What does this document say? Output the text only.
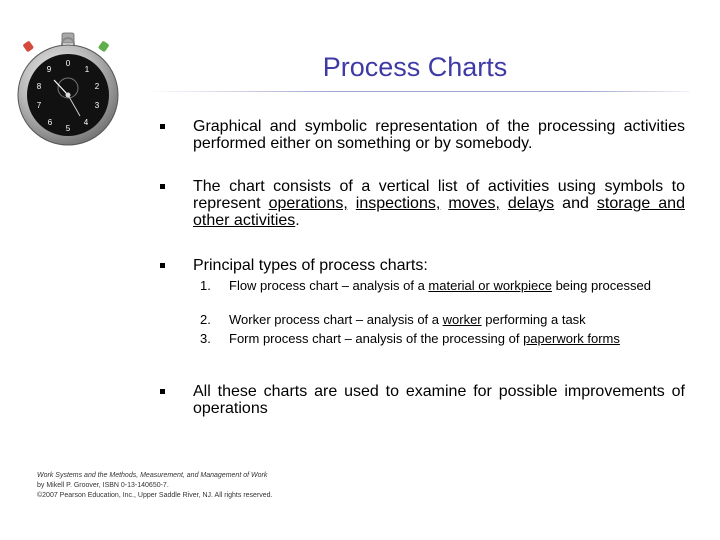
0
1
2
3
4
5
6
7
8
9	Process Charts
Graphical and symbolic representation of the processing activities performed either on something or by somebody.
The chart consists of a vertical list of activities using symbols to represent operations, inspections, moves, delays and storage and other activities.
Principal types of process charts:
1. Flow process chart – analysis of a material or workpiece being processed
2. Worker process chart – analysis of a worker performing a task
3. Form process chart – analysis of the processing of paperwork forms
All these charts are used to examine for possible improvements of operations
Work Systems and the Methods, Measurement, and Management of Work
by Mikell P. Groover, ISBN 0-13-140650-7.
©2007 Pearson Education, Inc., Upper Saddle River, NJ. All rights reserved.
